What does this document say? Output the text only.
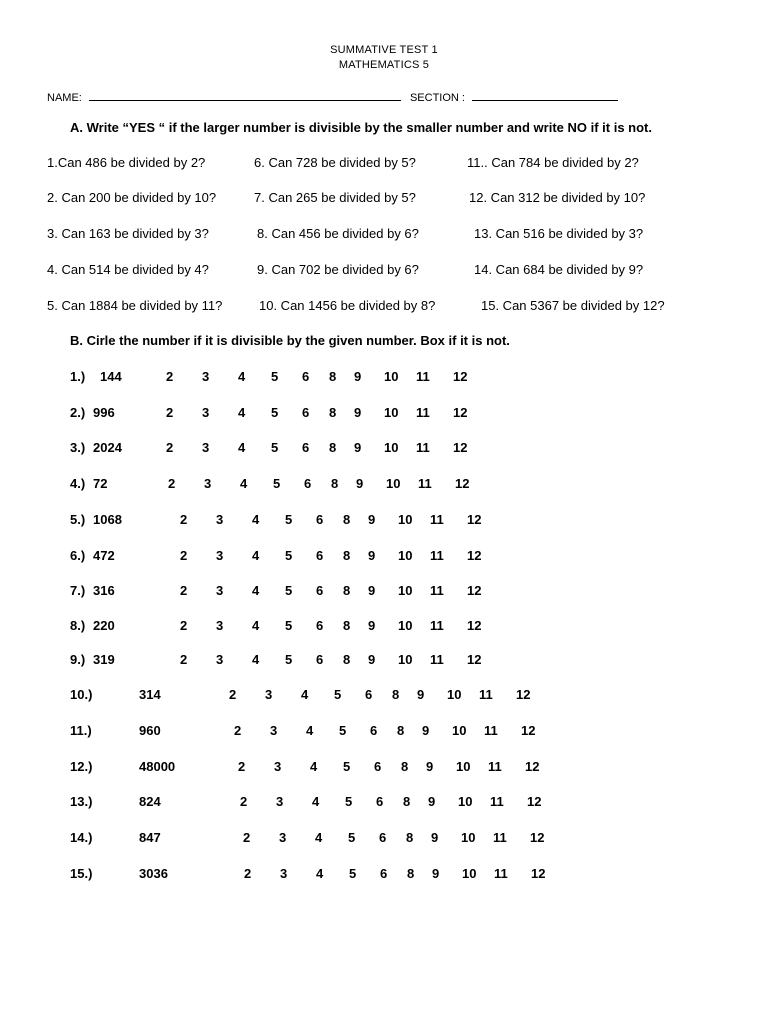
SUMMATIVE TEST 1
MATHEMATICS 5
NAME:	SECTION :
A. Write “YES “ if the larger number is divisible by the smaller number and write NO if it is not.
1.Can 486 be divided by 2?	6. Can 728 be divided by 5?	11.. Can 784 be divided by 2?
2. Can 200 be divided by 10?	7. Can 265 be divided by 5?	12. Can 312 be divided by 10?
3. Can 163 be divided by 3?	8. Can 456 be divided by 6?	13. Can 516 be divided by 3?
4. Can 514 be divided by 4?	9. Can 702 be divided by 6?	14. Can 684 be divided by 9?
5. Can 1884 be divided by 11?	10. Can 1456 be divided by 8?	15. Can 5367 be divided by 12?
B. Cirle the number if it is divisible by the given number. Box if it is not.
1.) 144	2 3 4 5 6 8 9 10 11 12
2.) 996	2 3 4 5 6 8 9 10 11 12
3.) 2024	2 3 4 5 6 8 9 10 11 12
4.) 72	2 3 4 5 6 8 9 10 11 12
5.) 1068	2 3 4 5 6 8 9 10 11 12
6.) 472	2 3 4 5 6 8 9 10 11 12
7.) 316	2 3 4 5 6 8 9 10 11 12
8.) 220	2 3 4 5 6 8 9 10 11 12
9.) 319	2 3 4 5 6 8 9 10 11 12
10.)	314	2 3 4 5 6 8 9 10 11 12
11.)	960	2 3 4 5 6 8 9 10 11 12
12.)	48000	2 3 4 5 6 8 9 10 11 12
13.)	824	2 3 4 5 6 8 9 10 11 12
14.)	847	2 3 4 5 6 8 9 10 11 12
15.)	3036	2 3 4 5 6 8 9 10 11 12
